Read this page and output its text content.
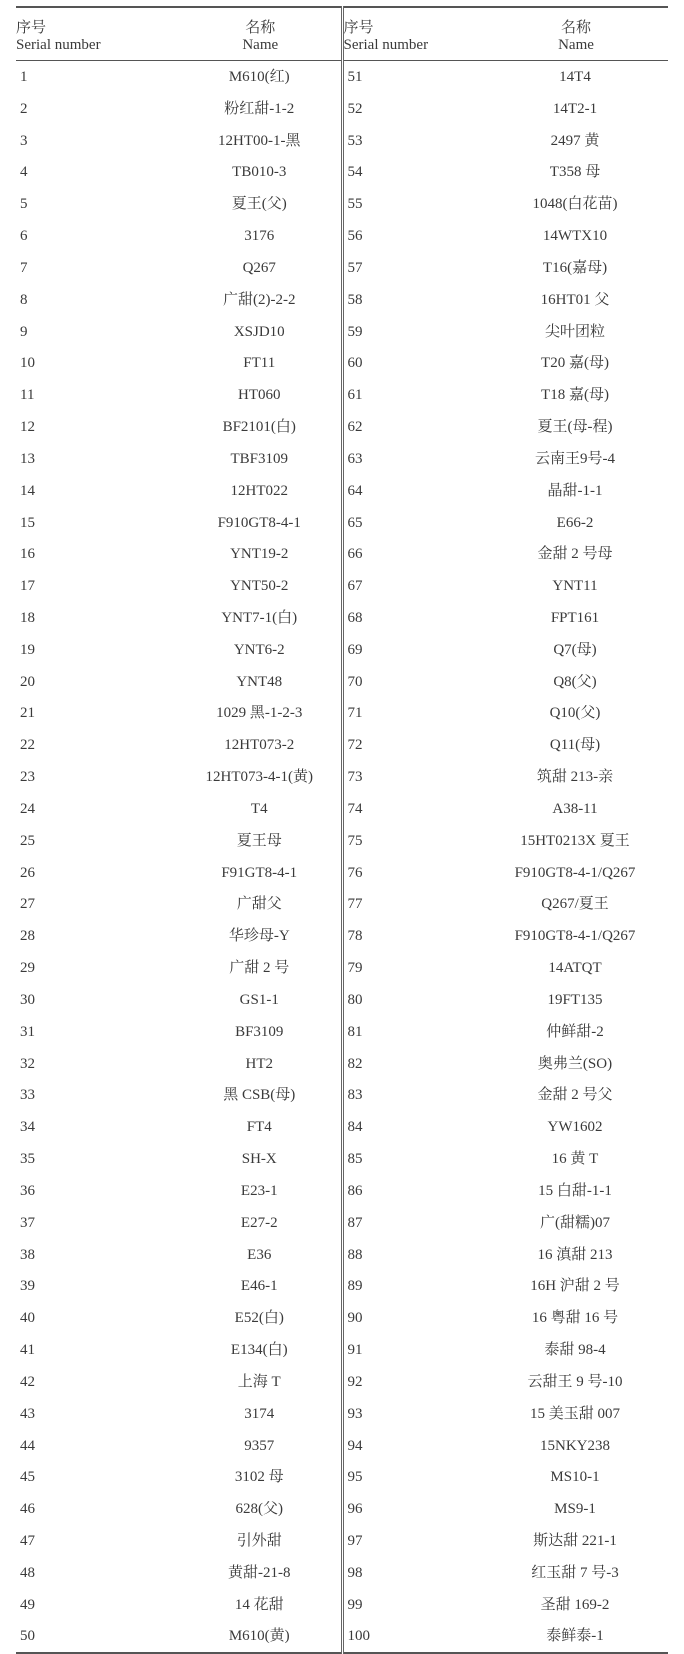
序号	名称	序号	名称
Serial number	Name	Serial number	Name
1	M610(红)	51	14T4
2	粉红甜-1-2	52	14T2-1
3	12HT00-1-黑	53	2497 黄
4	TB010-3	54	T358 母
5	夏王(父)	55	1048(白花苗)
6	3176	56	14WTX10
7	Q267	57	T16(嘉母)
8	广甜(2)-2-2	58	16HT01 父
9	XSJD10	59	尖叶团粒
10	FT11	60	T20 嘉(母)
11	HT060	61	T18 嘉(母)
12	BF2101(白)	62	夏王(母-程)
13	TBF3109	63	云南王9号-4
14	12HT022	64	晶甜-1-1
15	F910GT8-4-1	65	E66-2
16	YNT19-2	66	金甜 2 号母
17	YNT50-2	67	YNT11
18	YNT7-1(白)	68	FPT161
19	YNT6-2	69	Q7(母)
20	YNT48	70	Q8(父)
21	1029 黑-1-2-3	71	Q10(父)
22	12HT073-2	72	Q11(母)
23	12HT073-4-1(黄)	73	筑甜 213-亲
24	T4	74	A38-11
25	夏王母	75	15HT0213X 夏王
26	F91GT8-4-1	76	F910GT8-4-1/Q267
27	广甜父	77	Q267/夏王
28	华珍母-Y	78	F910GT8-4-1/Q267
29	广甜 2 号	79	14ATQT
30	GS1-1	80	19FT135
31	BF3109	81	仲鲜甜-2
32	HT2	82	奥弗兰(SO)
33	黑 CSB(母)	83	金甜 2 号父
34	FT4	84	YW1602
35	SH-X	85	16 黄 T
36	E23-1	86	15 白甜-1-1
37	E27-2	87	广(甜糯)07
38	E36	88	16 滇甜 213
39	E46-1	89	16H 沪甜 2 号
40	E52(白)	90	16 粤甜 16 号
41	E134(白)	91	泰甜 98-4
42	上海 T	92	云甜王 9 号-10
43	3174	93	15 美玉甜 007
44	9357	94	15NKY238
45	3102 母	95	MS10-1
46	628(父)	96	MS9-1
47	引外甜	97	斯达甜 221-1
48	黄甜-21-8	98	红玉甜 7 号-3
49	14 花甜	99	圣甜 169-2
50	M610(黄)	100	泰鲜泰-1
